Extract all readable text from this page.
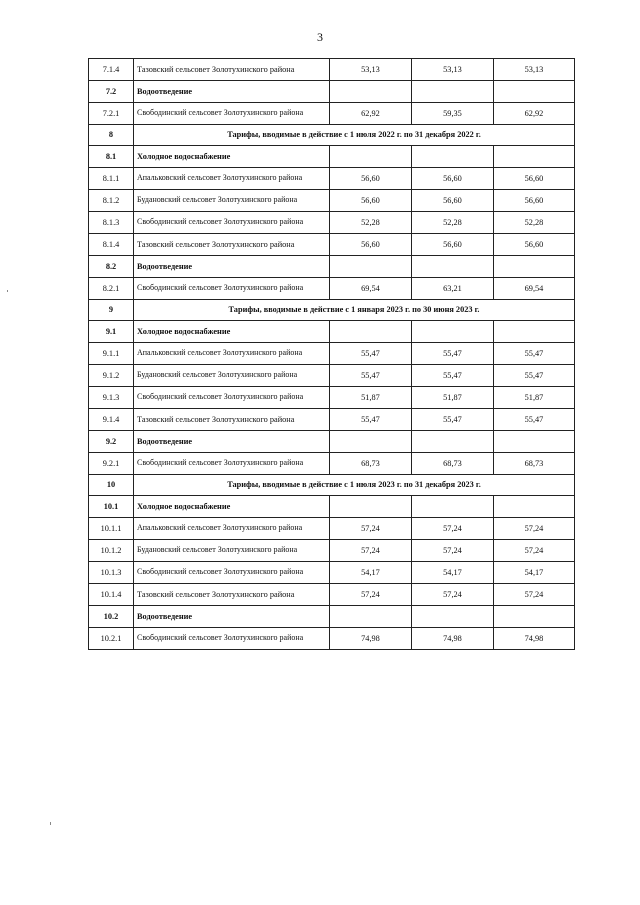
3
7.1.4	Тазовский сельсовет Золотухинского района	53,13	53,13	53,13
7.2	Водоотведение			
7.2.1	Свободинский сельсовет Золотухинского района	62,92	59,35	62,92
8	Тарифы, вводимые в действие с 1 июля 2022 г. по 31 декабря 2022 г.			
8.1	Холодное водоснабжение			
8.1.1	Апальковский сельсовет Золотухинского района	56,60	56,60	56,60
8.1.2	Будановский сельсовет Золотухинского района	56,60	56,60	56,60
8.1.3	Свободинский сельсовет Золотухинского района	52,28	52,28	52,28
8.1.4	Тазовский сельсовет Золотухинского района	56,60	56,60	56,60
8.2	Водоотведение			
8.2.1	Свободинский сельсовет Золотухинского района	69,54	63,21	69,54
9	Тарифы, вводимые в действие с 1 января 2023 г. по 30 июня 2023 г.			
9.1	Холодное водоснабжение			
9.1.1	Апальковский сельсовет Золотухинского района	55,47	55,47	55,47
9.1.2	Будановский сельсовет Золотухинского района	55,47	55,47	55,47
9.1.3	Свободинский сельсовет Золотухинского района	51,87	51,87	51,87
9.1.4	Тазовский сельсовет Золотухинского района	55,47	55,47	55,47
9.2	Водоотведение			
9.2.1	Свободинский сельсовет Золотухинского района	68,73	68,73	68,73
10	Тарифы, вводимые в действие с 1 июля 2023 г. по 31 декабря 2023 г.			
10.1	Холодное водоснабжение			
10.1.1	Апальковский сельсовет Золотухинского района	57,24	57,24	57,24
10.1.2	Будановский сельсовет Золотухинского района	57,24	57,24	57,24
10.1.3	Свободинский сельсовет Золотухинского района	54,17	54,17	54,17
10.1.4	Тазовский сельсовет Золотухинского района	57,24	57,24	57,24
10.2	Водоотведение			
10.2.1	Свободинский сельсовет Золотухинского района	74,98	74,98	74,98
